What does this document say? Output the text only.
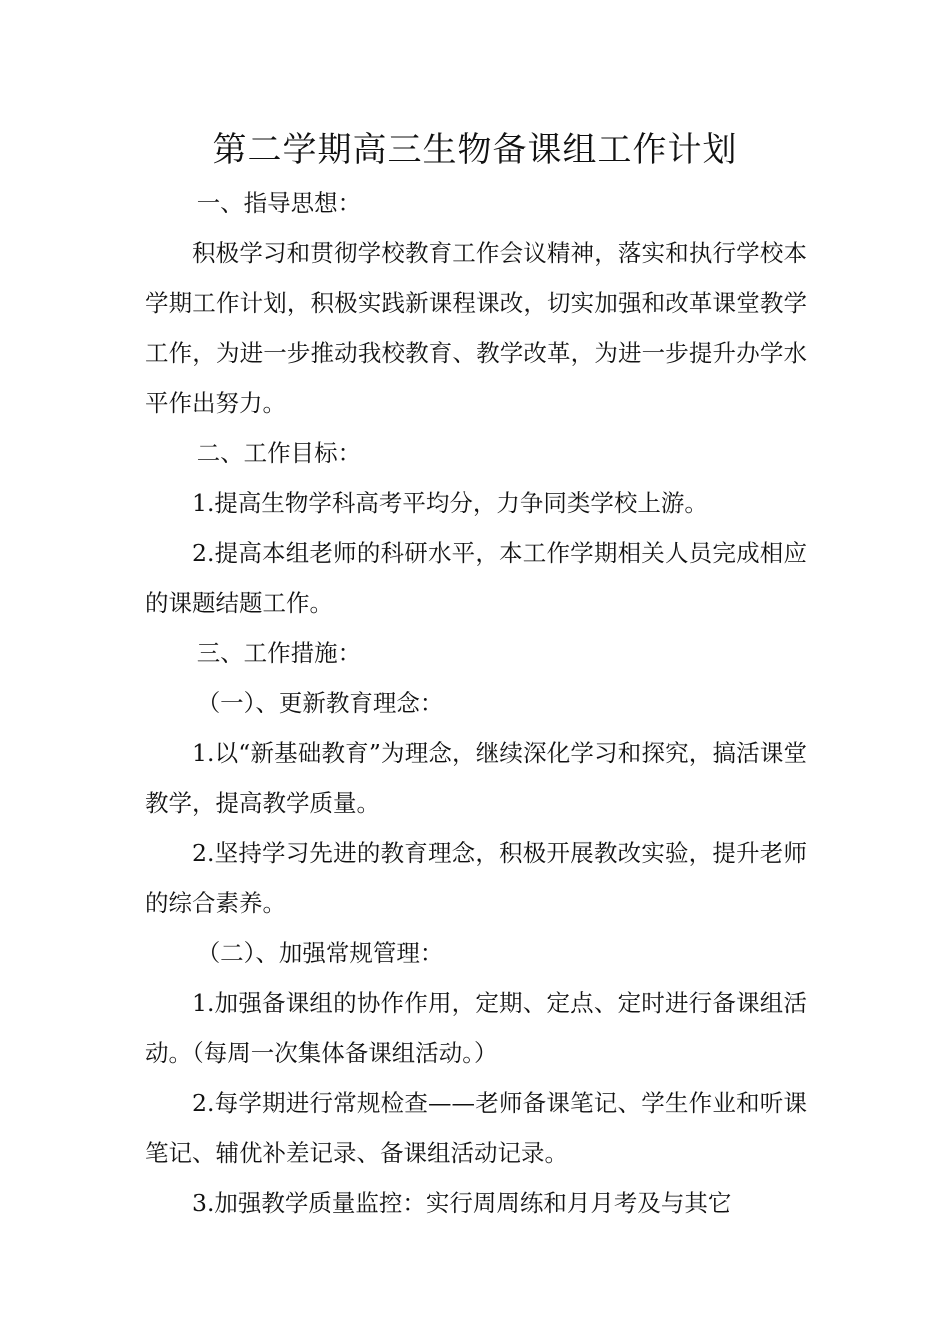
第二学期高三生物备课组工作计划

一、指导思想：

积极学习和贯彻学校教育工作会议精神，落实和执行学校本学期工作计划，积极实践新课程课改，切实加强和改革课堂教学工作，为进一步推动我校教育、教学改革，为进一步提升办学水平作出努力。

二、工作目标：

1.提高生物学科高考平均分，力争同类学校上游。

2.提高本组老师的科研水平，本工作学期相关人员完成相应的课题结题工作。

三、工作措施：

（一）、更新教育理念：

1.以“新基础教育”为理念，继续深化学习和探究，搞活课堂教学，提高教学质量。

2.坚持学习先进的教育理念，积极开展教改实验，提升老师的综合素养。

（二）、加强常规管理：

1.加强备课组的协作作用，定期、定点、定时进行备课组活动。（每周一次集体备课组活动。）

2.每学期进行常规检查——老师备课笔记、学生作业和听课笔记、辅优补差记录、备课组活动记录。

3.加强教学质量监控：实行周周练和月月考及与其它
